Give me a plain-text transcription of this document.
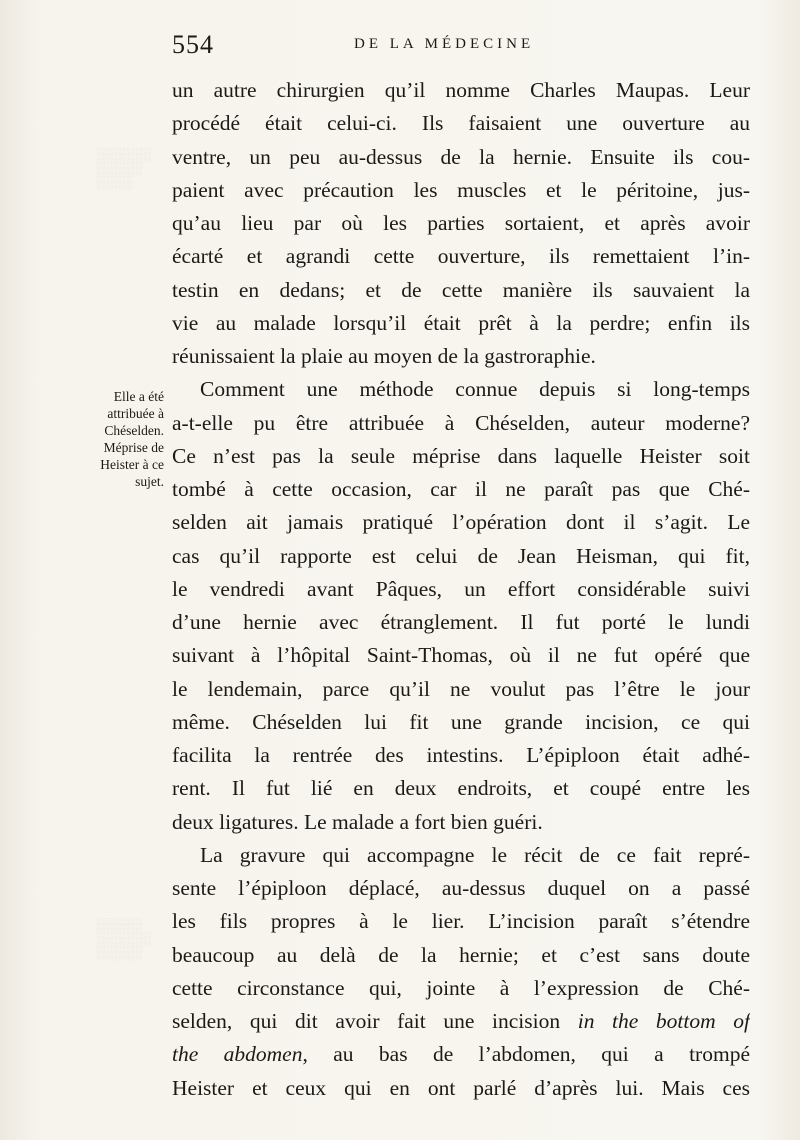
░░░░░░
░░░░░
░░░░
░░░░░
░░░░░░
░░░░░
554	DE LA MÉDECINE
Elle a été
attribuée à
Chéselden.
Méprise de
Heister à ce
sujet.
un autre chirurgien qu’il nomme Charles Maupas. Leur
procédé était celui-ci. Ils faisaient une ouverture au
ventre, un peu au-dessus de la hernie. Ensuite ils cou-
paient avec précaution les muscles et le péritoine, jus-
qu’au lieu par où les parties sortaient, et après avoir
écarté et agrandi cette ouverture, ils remettaient l’in-
testin en dedans; et de cette manière ils sauvaient la
vie au malade lorsqu’il était prêt à la perdre; enfin ils
réunissaient la plaie au moyen de la gastroraphie.
Comment une méthode connue depuis si long-temps
a-t-elle pu être attribuée à Chéselden, auteur moderne?
Ce n’est pas la seule méprise dans laquelle Heister soit
tombé à cette occasion, car il ne paraît pas que Ché-
selden ait jamais pratiqué l’opération dont il s’agit. Le
cas qu’il rapporte est celui de Jean Heisman, qui fit,
le vendredi avant Pâques, un effort considérable suivi
d’une hernie avec étranglement. Il fut porté le lundi
suivant à l’hôpital Saint-Thomas, où il ne fut opéré que
le lendemain, parce qu’il ne voulut pas l’être le jour
même. Chéselden lui fit une grande incision, ce qui
facilita la rentrée des intestins. L’épiploon était adhé-
rent. Il fut lié en deux endroits, et coupé entre les
deux ligatures. Le malade a fort bien guéri.
La gravure qui accompagne le récit de ce fait repré-
sente l’épiploon déplacé, au-dessus duquel on a passé
les fils propres à le lier. L’incision paraît s’étendre
beaucoup au delà de la hernie; et c’est sans doute
cette circonstance qui, jointe à l’expression de Ché-
selden, qui dit avoir fait une incision in the bottom of
the abdomen, au bas de l’abdomen, qui a trompé
Heister et ceux qui en ont parlé d’après lui. Mais ces
